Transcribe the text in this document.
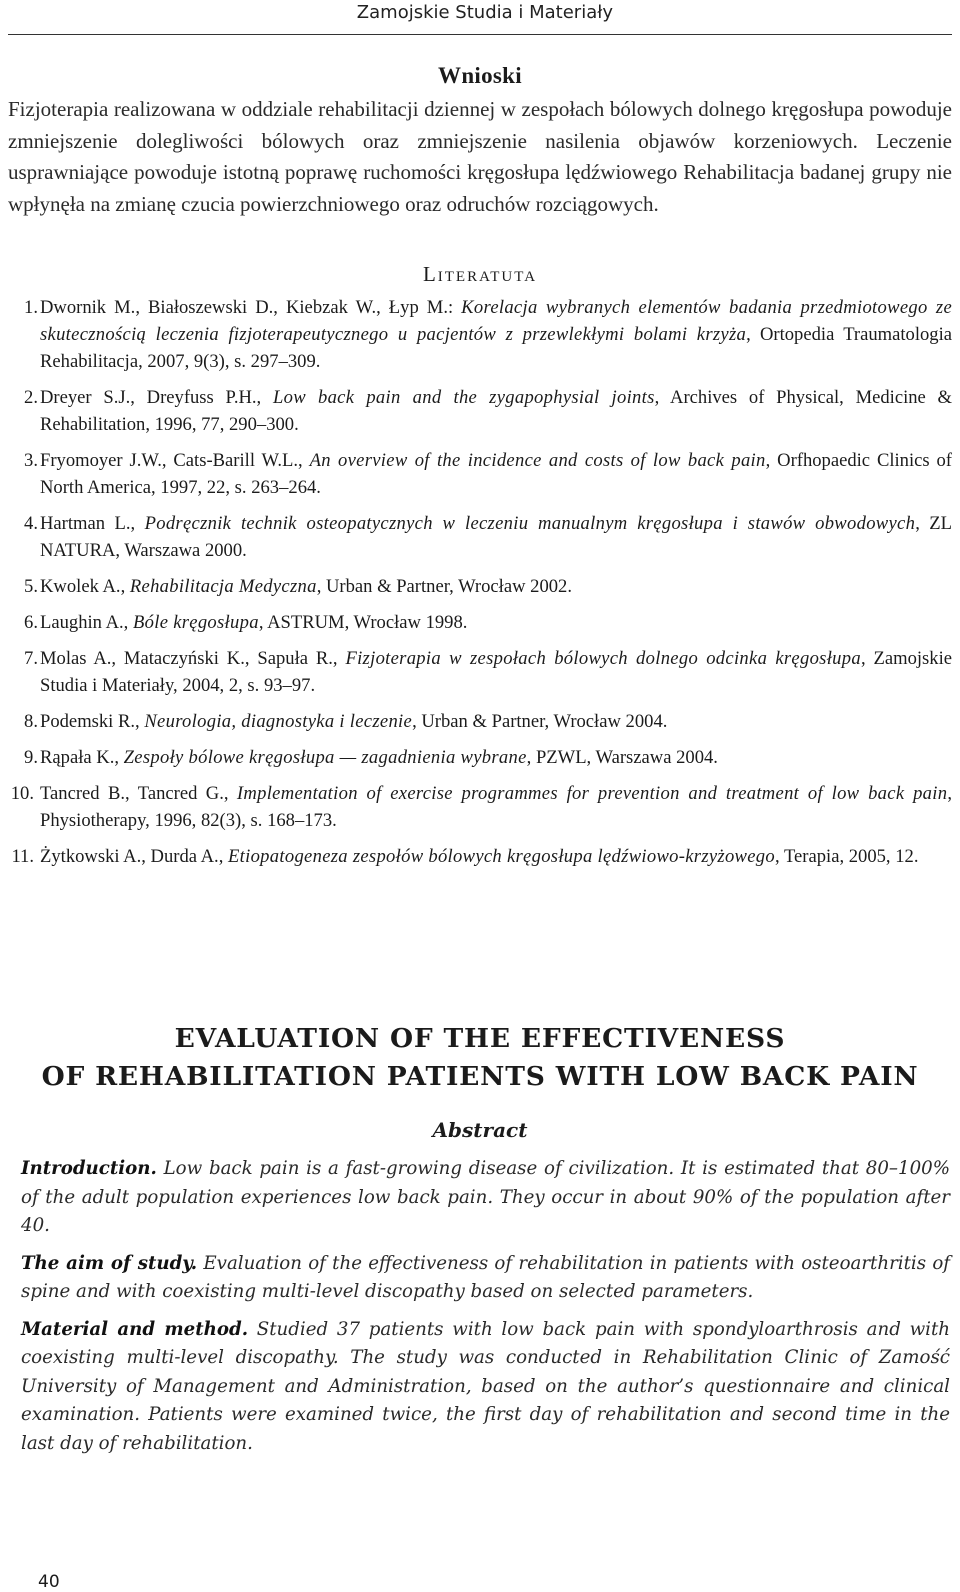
Zamojskie Studia i Materiały
Wnioski

Fizjoterapia realizowana w oddziale rehabilitacji dziennej w zespołach bólowych dolnego kręgosłupa powoduje zmniejszenie dolegliwości bólowych oraz zmniejszenie nasilenia objawów korzeniowych. Leczenie usprawniające powoduje istotną poprawę ruchomości kręgosłupa lędźwiowego Rehabilitacja badanej grupy nie wpłynęła na zmianę czucia powierzchniowego oraz odruchów rozciągowych.

Literatuta
1. Dwornik M., Białoszewski D., Kiebzak W., Łyp M.: Korelacja wybranych elementów badania przedmiotowego ze skutecznością leczenia fizjoterapeutycznego u pacjentów z przewlekłymi bolami krzyża, Ortopedia Traumatologia Rehabilitacja, 2007, 9(3), s. 297–309.
2. Dreyer S.J., Dreyfuss P.H., Low back pain and the zygapophysial joints, Archives of Physical, Medicine & Rehabilitation, 1996, 77, 290–300.
3. Fryomoyer J.W., Cats-Barill W.L., An overview of the incidence and costs of low back pain, Orfhopaedic Clinics of North America, 1997, 22, s. 263–264.
4. Hartman L., Podręcznik technik osteopatycznych w leczeniu manualnym kręgosłupa i stawów obwodowych, ZL NATURA, Warszawa 2000.
5. Kwolek A., Rehabilitacja Medyczna, Urban & Partner, Wrocław 2002.
6. Laughin A., Bóle kręgosłupa, ASTRUM, Wrocław 1998.
7. Molas A., Mataczyński K., Sapuła R., Fizjoterapia w zespołach bólowych dolnego odcinka kręgosłupa, Zamojskie Studia i Materiały, 2004, 2, s. 93–97.
8. Podemski R., Neurologia, diagnostyka i leczenie, Urban & Partner, Wrocław 2004.
9. Rąpała K., Zespoły bólowe kręgosłupa — zagadnienia wybrane, PZWL, Warszawa 2004.
10. Tancred B., Tancred G., Implementation of exercise programmes for prevention and treatment of low back pain, Physiotherapy, 1996, 82(3), s. 168–173.
11. Żytkowski A., Durda A., Etiopatogeneza zespołów bólowych kręgosłupa lędźwiowo-krzyżowego, Terapia, 2005, 12.
EVALUATION OF THE EFFECTIVENESS
OF REHABILITATION PATIENTS WITH LOW BACK PAIN
Abstract

Introduction. Low back pain is a fast-growing disease of civilization. It is estimated that 80–100% of the adult population experiences low back pain. They occur in about 90% of the population after 40.

The aim of study. Evaluation of the effectiveness of rehabilitation in patients with osteoarthritis of spine and with coexisting multi-level discopathy based on selected parameters.

Material and method. Studied 37 patients with low back pain with spondyloarthrosis and with coexisting multi-level discopathy. The study was conducted in Rehabilitation Clinic of Zamość University of Management and Administration, based on the author’s questionnaire and clinical examination. Patients were examined twice, the first day of rehabilitation and second time in the last day of rehabilitation.

40
